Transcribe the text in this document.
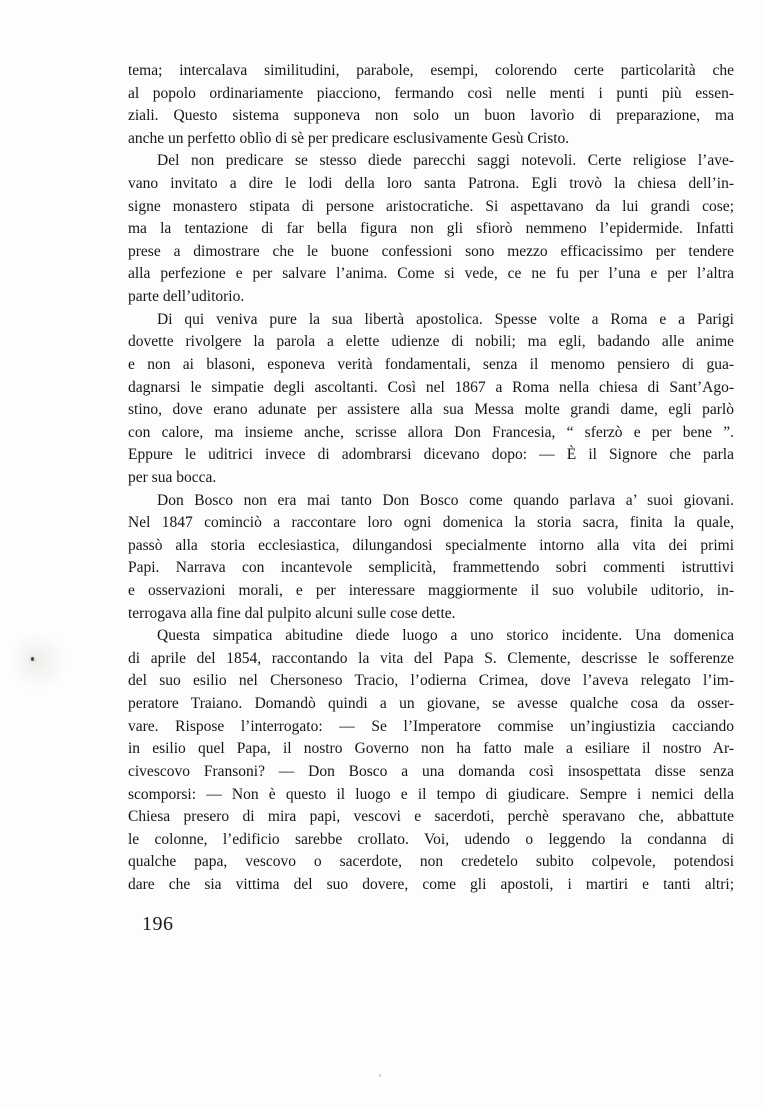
tema; intercalava similitudini, parabole, esempi, colorendo certe particolarità che
al popolo ordinariamente piacciono, fermando così nelle menti i punti più essen-
ziali. Questo sistema supponeva non solo un buon lavorìo di preparazione, ma
anche un perfetto oblìo di sè per predicare esclusivamente Gesù Cristo.
Del non predicare se stesso diede parecchi saggi notevoli. Certe religiose l’ave-
vano invitato a dire le lodi della loro santa Patrona. Egli trovò la chiesa dell’in-
signe monastero stipata di persone aristocratiche. Si aspettavano da lui grandi cose;
ma la tentazione di far bella figura non gli sfiorò nemmeno l’epidermide. Infatti
prese a dimostrare che le buone confessioni sono mezzo efficacissimo per tendere
alla perfezione e per salvare l’anima. Come si vede, ce ne fu per l’una e per l’altra
parte dell’uditorio.
Di qui veniva pure la sua libertà apostolica. Spesse volte a Roma e a Parigi
dovette rivolgere la parola a elette udienze di nobili; ma egli, badando alle anime
e non ai blasoni, esponeva verità fondamentali, senza il menomo pensiero di gua-
dagnarsi le simpatie degli ascoltanti. Così nel 1867 a Roma nella chiesa di Sant’Ago-
stino, dove erano adunate per assistere alla sua Messa molte grandi dame, egli parlò
con calore, ma insieme anche, scrisse allora Don Francesia, “ sferzò e per bene ”.
Eppure le uditrici invece di adombrarsi dicevano dopo: — È il Signore che parla
per sua bocca.
Don Bosco non era mai tanto Don Bosco come quando parlava a’ suoi giovani.
Nel 1847 cominciò a raccontare loro ogni domenica la storia sacra, finita la quale,
passò alla storia ecclesiastica, dilungandosi specialmente intorno alla vita dei primi
Papi. Narrava con incantevole semplicità, frammettendo sobri commenti istruttivi
e osservazioni morali, e per interessare maggiormente il suo volubile uditorio, in-
terrogava alla fine dal pulpito alcuni sulle cose dette.
Questa simpatica abitudine diede luogo a uno storico incidente. Una domenica
di aprile del 1854, raccontando la vita del Papa S. Clemente, descrisse le sofferenze
del suo esilio nel Chersoneso Tracio, l’odierna Crimea, dove l’aveva relegato l’im-
peratore Traiano. Domandò quindi a un giovane, se avesse qualche cosa da osser-
vare. Rispose l’interrogato: — Se l’Imperatore commise un’ingiustizia cacciando
in esilio quel Papa, il nostro Governo non ha fatto male a esiliare il nostro Ar-
civescovo Fransoni? — Don Bosco a una domanda così insospettata disse senza
scomporsi: — Non è questo il luogo e il tempo di giudicare. Sempre i nemici della
Chiesa presero di mira papi, vescovi e sacerdoti, perchè speravano che, abbattute
le colonne, l’edificio sarebbe crollato. Voi, udendo o leggendo la condanna di
qualche papa, vescovo o sacerdote, non credetelo subito colpevole, potendosi
dare che sia vittima del suo dovere, come gli apostoli, i martiri e tanti altri;
196
